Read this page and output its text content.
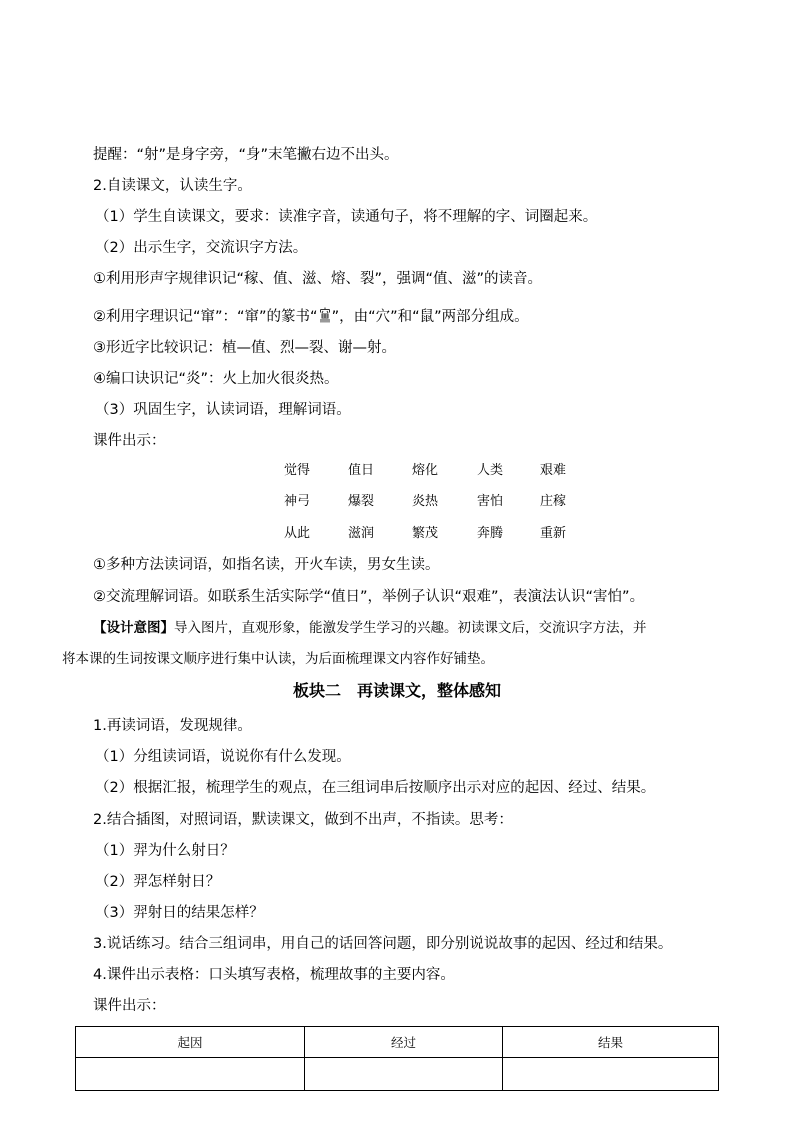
提醒：“射”是身字旁，“身”末笔撇右边不出头。
2.自读课文，认读生字。
（1）学生自读课文，要求：读准字音，读通句子，将不理解的字、词圈起来。
（2）出示生字，交流识字方法。
①利用形声字规律识记“稼、值、滋、熔、裂”，强调“值、滋”的读音。
②利用字理识记“窜”：“窜”的篆书“ ”，由“穴”和“鼠”两部分组成。
③形近字比较识记：植—值、烈—裂、谢—射。
④编口诀识记“炎”：火上加火很炎热。
（3）巩固生字，认读词语，理解词语。
课件出示：
觉得	值日	熔化	人类	艰难
神弓	爆裂	炎热	害怕	庄稼
从此	滋润	繁茂	奔腾	重新
①多种方法读词语，如指名读，开火车读，男女生读。
②交流理解词语。如联系生活实际学“值日”，举例子认识“艰难”，表演法认识“害怕”。
【设计意图】导入图片，直观形象，能激发学生学习的兴趣。初读课文后，交流识字方法，并
将本课的生词按课文顺序进行集中认读，为后面梳理课文内容作好铺垫。
板块二　再读课文，整体感知
1.再读词语，发现规律。
（1）分组读词语，说说你有什么发现。
（2）根据汇报，梳理学生的观点，在三组词串后按顺序出示对应的起因、经过、结果。
2.结合插图，对照词语，默读课文，做到不出声，不指读。思考：
（1）羿为什么射日？
（2）羿怎样射日？
（3）羿射日的结果怎样？
3.说话练习。结合三组词串，用自己的话回答问题，即分别说说故事的起因、经过和结果。
4.课件出示表格：口头填写表格，梳理故事的主要内容。
课件出示：
起因	经过	结果
